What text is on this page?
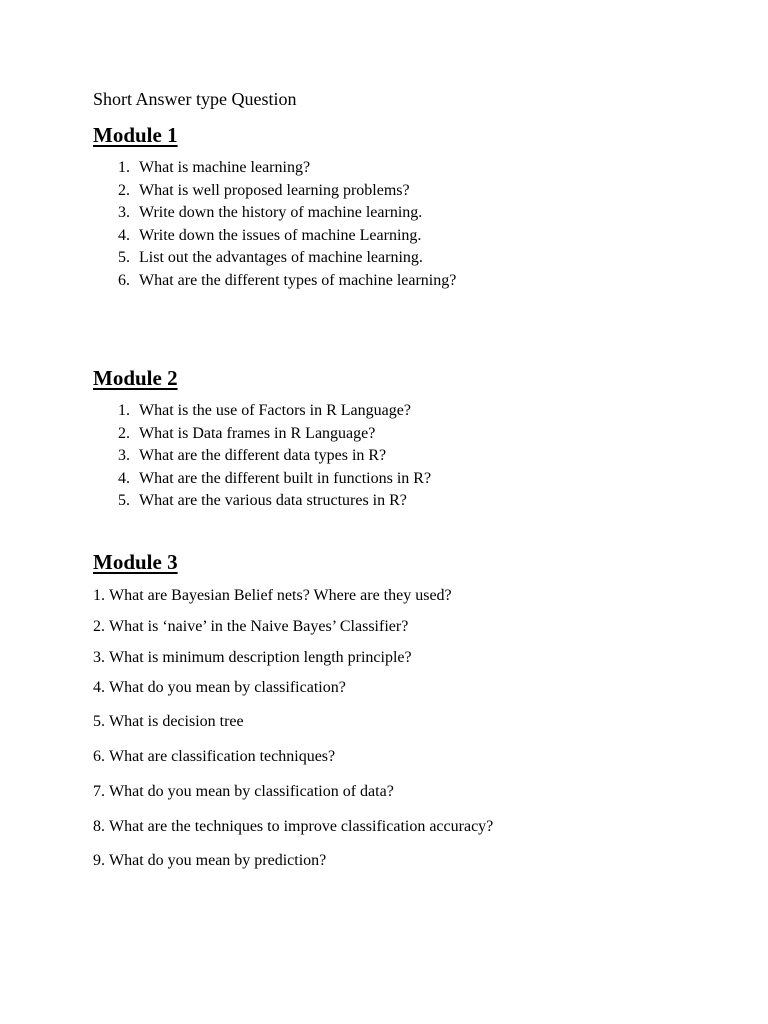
Short Answer type Question
Module 1
1. What is machine learning?
2. What is well proposed learning problems?
3. Write down the history of machine learning.
4. Write down the issues of machine Learning.
5. List out the advantages of machine learning.
6. What are the different types of machine learning?
Module 2
1. What is the use of Factors in R Language?
2. What is Data frames in R Language?
3. What are the different data types in R?
4. What are the different built in functions in R?
5. What are the various data structures in R?
Module 3
1. What are Bayesian Belief nets? Where are they used?
2. What is ‘naive’ in the Naive Bayes’ Classifier?
3. What is minimum description length principle?
4. What do you mean by classification?
5. What is decision tree
6. What are classification techniques?
7. What do you mean by classification of data?
8. What are the techniques to improve classification accuracy?
9. What do you mean by prediction?
